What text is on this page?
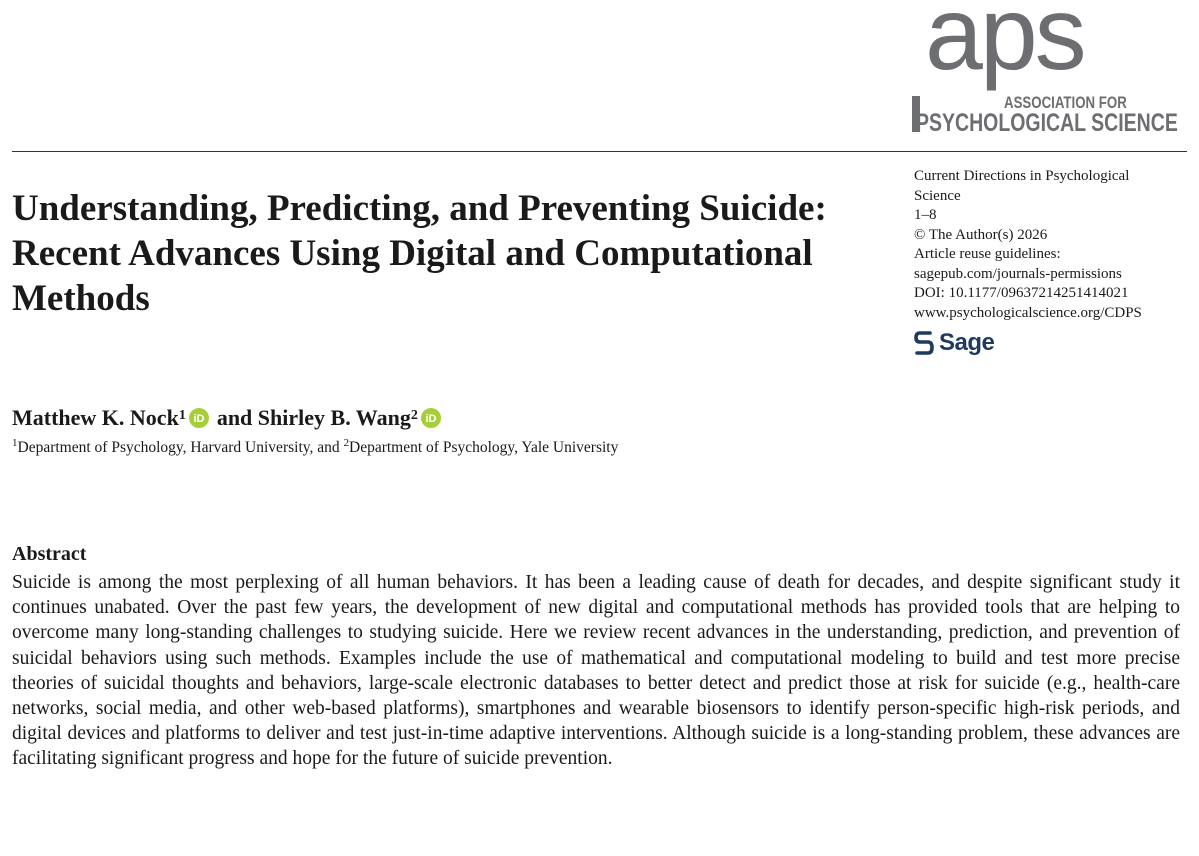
aps
ASSOCIATION FOR
PSYCHOLOGICAL SCIENCE
Understanding, Predicting, and Preventing Suicide: Recent Advances Using Digital and Computational Methods
Current Directions in Psychological
Science
1–8
© The Author(s) 2026
Article reuse guidelines:
sagepub.com/journals-permissions
DOI: 10.1177/09637214251414021
www.psychologicalscience.org/CDPS
Sage
Matthew K. Nock$^1$ iD and
Shirley B. Wang$^2$ iD
$^1$Department of Psychology, Harvard University, and $^2$Department of Psychology, Yale University
Abstract
Suicide is among the most perplexing of all human behaviors. It has been a leading cause of death for decades, and despite significant study it continues unabated. Over the past few years, the development of new digital and computational methods has provided tools that are helping to overcome many long-standing challenges to studying suicide. Here we review recent advances in the understanding, prediction, and prevention of suicidal behaviors using such methods. Examples include the use of mathematical and computational modeling to build and test more precise theories of suicidal thoughts and behaviors, large-scale electronic databases to better detect and predict those at risk for suicide (e.g., health-care networks, social media, and other web-based platforms), smartphones and wearable biosensors to identify person-specific high-risk periods, and digital devices and platforms to deliver and test just-in-time adaptive interventions. Although suicide is a long-standing problem, these advances are facilitating significant progress and hope for the future of suicide prevention.
